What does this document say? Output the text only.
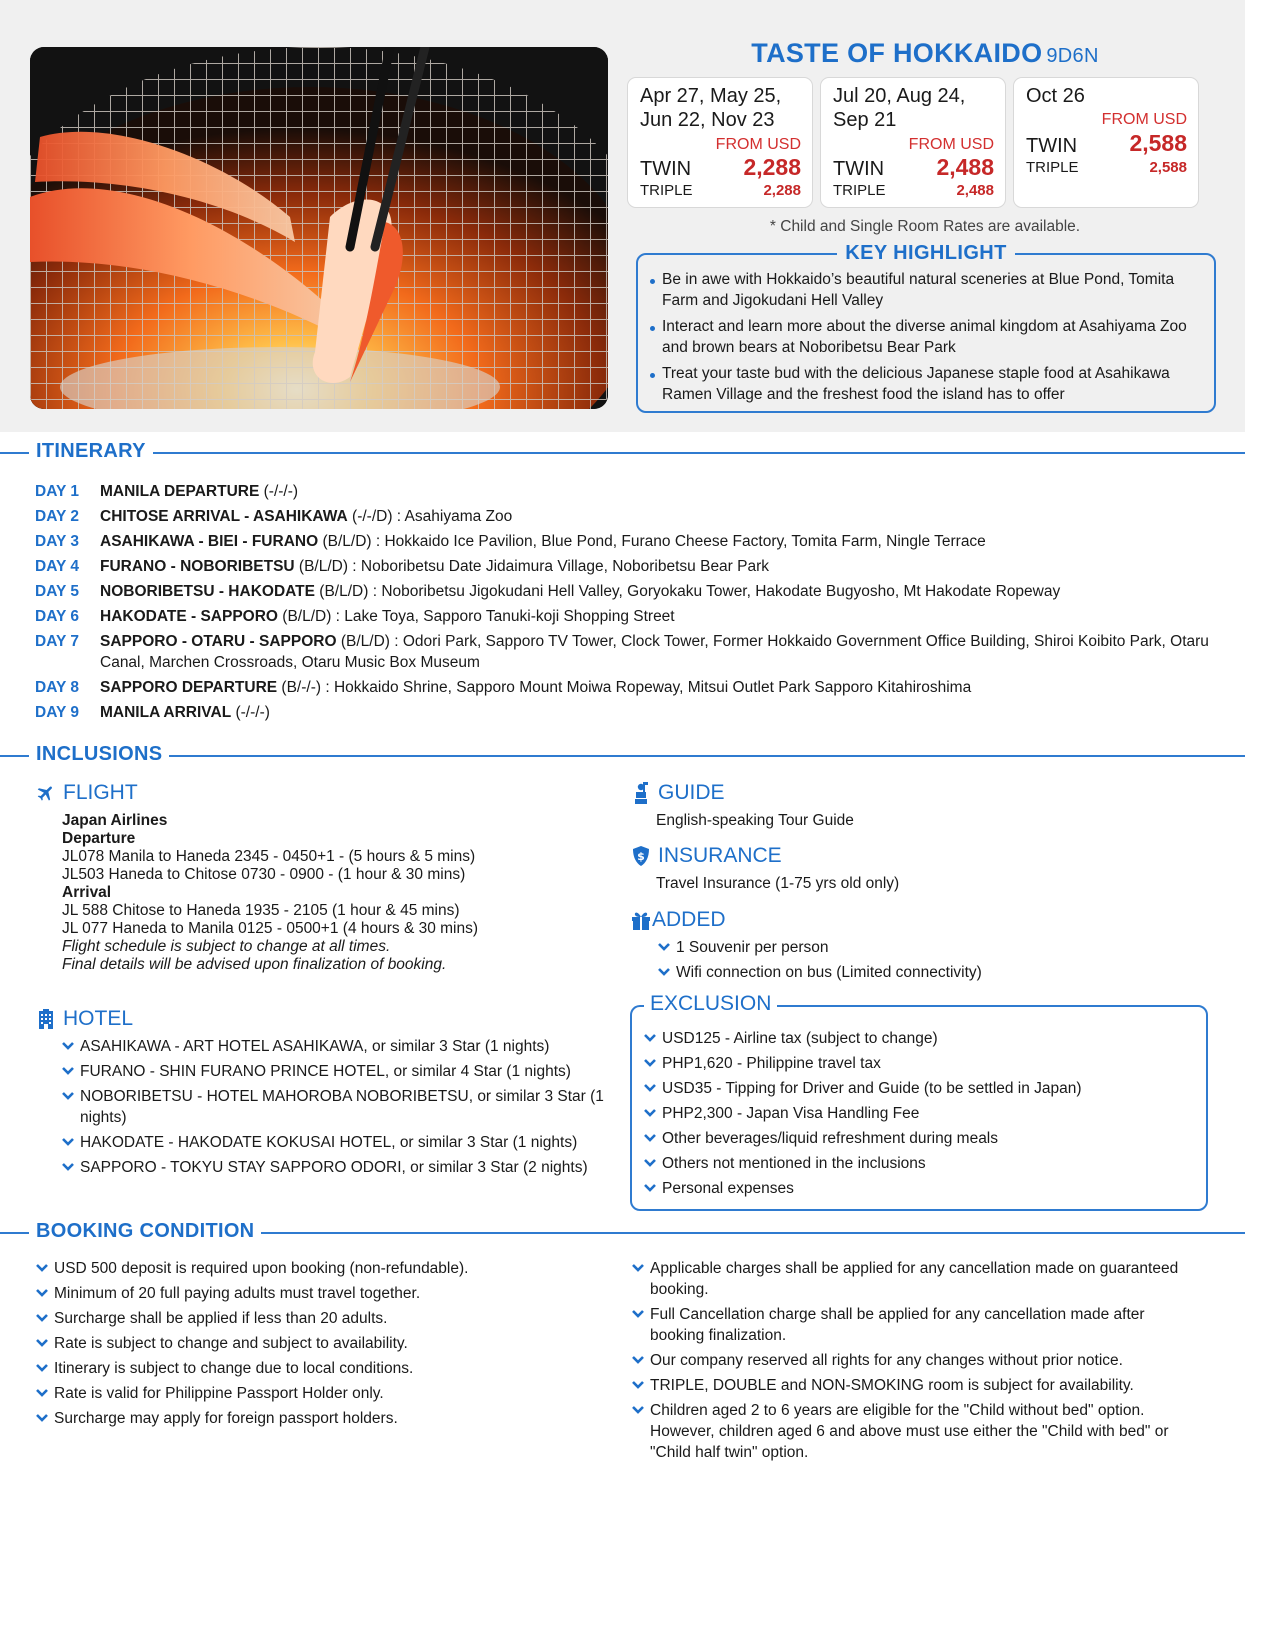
TASTE OF HOKKAIDO 9D6N
Apr 27, May 25,
Jun 22, Nov 23
FROM USD
TWIN 2,288
TRIPLE	2,288
Jul 20, Aug 24,
Sep 21
FROM USD
TWIN 2,488
TRIPLE	2,488
Oct 26
FROM USD
TWIN 2,588
TRIPLE	2,588
* Child and Single Room Rates are available.
KEY HIGHLIGHT
Be in awe with Hokkaido’s beautiful natural sceneries at Blue Pond, Tomita Farm and Jigokudani Hell Valley
Interact and learn more about the diverse animal kingdom at Asahiyama Zoo and brown bears at Noboribetsu Bear Park
Treat your taste bud with the delicious Japanese staple food at Asahikawa Ramen Village and the freshest food the island has to offer
ITINERARY
DAY 1	MANILA DEPARTURE (-/-/-)
DAY 2	CHITOSE ARRIVAL - ASAHIKAWA (-/-/D) : Asahiyama Zoo
DAY 3	ASAHIKAWA - BIEI - FURANO (B/L/D) : Hokkaido Ice Pavilion, Blue Pond, Furano Cheese Factory, Tomita Farm, Ningle Terrace
DAY 4	FURANO - NOBORIBETSU (B/L/D) : Noboribetsu Date Jidaimura Village, Noboribetsu Bear Park
DAY 5	NOBORIBETSU - HAKODATE (B/L/D) : Noboribetsu Jigokudani Hell Valley, Goryokaku Tower, Hakodate Bugyosho, Mt Hakodate Ropeway
DAY 6	HAKODATE - SAPPORO (B/L/D) : Lake Toya, Sapporo Tanuki-koji Shopping Street
DAY 7	SAPPORO - OTARU - SAPPORO (B/L/D) : Odori Park, Sapporo TV Tower, Clock Tower, Former Hokkaido Government Office Building, Shiroi Koibito Park, Otaru Canal, Marchen Crossroads, Otaru Music Box Museum
DAY 8	SAPPORO DEPARTURE (B/-/-) : Hokkaido Shrine, Sapporo Mount Moiwa Ropeway, Mitsui Outlet Park Sapporo Kitahiroshima
DAY 9	MANILA ARRIVAL (-/-/-)
INCLUSIONS
FLIGHT
Japan Airlines
Departure
JL078 Manila to Haneda 2345 - 0450+1 - (5 hours & 5 mins)
JL503 Haneda to Chitose 0730 - 0900 - (1 hour & 30 mins)
Arrival
JL 588 Chitose to Haneda 1935 - 2105 (1 hour & 45 mins)
JL 077 Haneda to Manila 0125 - 0500+1 (4 hours & 30 mins)
Flight schedule is subject to change at all times.
Final details will be advised upon finalization of booking.
HOTEL
ASAHIKAWA - ART HOTEL ASAHIKAWA, or similar 3 Star (1 nights)
FURANO - SHIN FURANO PRINCE HOTEL, or similar 4 Star (1 nights)
NOBORIBETSU - HOTEL MAHOROBA NOBORIBETSU, or similar 3 Star (1 nights)
HAKODATE - HAKODATE KOKUSAI HOTEL, or similar 3 Star (1 nights)
SAPPORO - TOKYU STAY SAPPORO ODORI, or similar 3 Star (2 nights)
GUIDE
English-speaking Tour Guide
$ INSURANCE
Travel Insurance (1-75 yrs old only)
ADDED
1 Souvenir per person
Wifi connection on bus (Limited connectivity)
EXCLUSION
USD125 - Airline tax (subject to change)
PHP1,620 - Philippine travel tax
USD35 - Tipping for Driver and Guide (to be settled in Japan)
PHP2,300 - Japan Visa Handling Fee
Other beverages/liquid refreshment during meals
Others not mentioned in the inclusions
Personal expenses
BOOKING CONDITION
USD 500 deposit is required upon booking (non-refundable).
Minimum of 20 full paying adults must travel together.
Surcharge shall be applied if less than 20 adults.
Rate is subject to change and subject to availability.
Itinerary is subject to change due to local conditions.
Rate is valid for Philippine Passport Holder only.
Surcharge may apply for foreign passport holders.
Applicable charges shall be applied for any cancellation made on guaranteed booking.
Full Cancellation charge shall be applied for any cancellation made after booking finalization.
Our company reserved all rights for any changes without prior notice.
TRIPLE, DOUBLE and NON-SMOKING room is subject for availability.
Children aged 2 to 6 years are eligible for the "Child without bed" option. However, children aged 6 and above must use either the "Child with bed" or "Child half twin" option.
